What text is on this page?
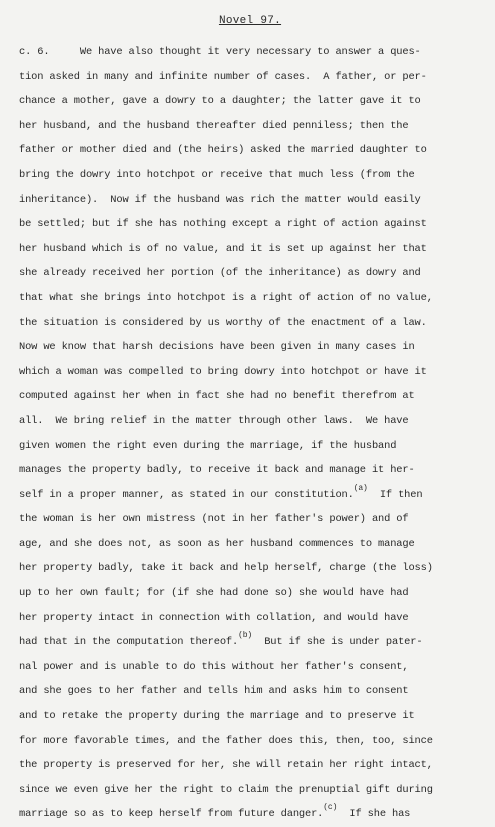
Novel 97.
c. 6.     We have also thought it very necessary to answer a ques-
tion asked in many and infinite number of cases.  A father, or per-
chance a mother, gave a dowry to a daughter; the latter gave it to
her husband, and the husband thereafter died penniless; then the
father or mother died and (the heirs) asked the married daughter to
bring the dowry into hotchpot or receive that much less (from the
inheritance).  Now if the husband was rich the matter would easily
be settled; but if she has nothing except a right of action against
her husband which is of no value, and it is set up against her that
she already received her portion (of the inheritance) as dowry and
that what she brings into hotchpot is a right of action of no value,
the situation is considered by us worthy of the enactment of a law.
Now we know that harsh decisions have been given in many cases in
which a woman was compelled to bring dowry into hotchpot or have it
computed against her when in fact she had no benefit therefrom at
all.  We bring relief in the matter through other laws.  We have
given women the right even during the marriage, if the husband
manages the property badly, to receive it back and manage it her-
self in a proper manner, as stated in our constitution.$^{(a)}$  If then
the woman is her own mistress (not in her father's power) and of
age, and she does not, as soon as her husband commences to manage
her property badly, take it back and help herself, charge (the loss)
up to her own fault; for (if she had done so) she would have had
her property intact in connection with collation, and would have
had that in the computation thereof.$^{(b)}$  But if she is under pater-
nal power and is unable to do this without her father's consent,
and she goes to her father and tells him and asks him to consent
and to retake the property during the marriage and to preserve it
for more favorable times, and the father does this, then, too, since
the property is preserved for her, she will retain her right intact,
since we even give her the right to claim the prenuptial gift during
marriage so as to keep herself from future danger.$^{(c)}$  If she has
